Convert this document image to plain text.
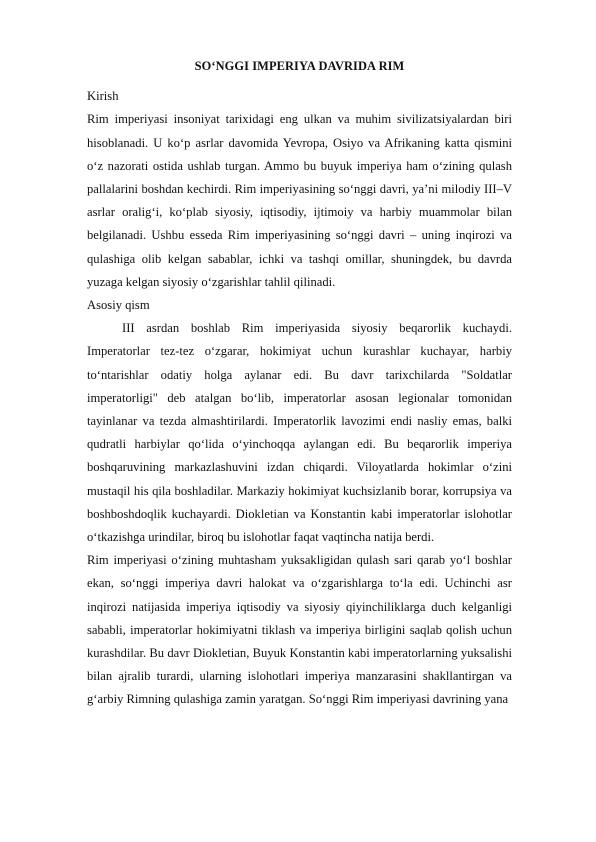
SO‘NGGI IMPERIYA DAVRIDA RIM
Kirish

Rim imperiyasi insoniyat tarixidagi eng ulkan va muhim sivilizatsiyalardan biri hisoblanadi. U ko‘p asrlar davomida Yevropa, Osiyo va Afrikaning katta qismini o‘z nazorati ostida ushlab turgan. Ammo bu buyuk imperiya ham o‘zining qulash pallalarini boshdan kechirdi. Rim imperiyasining so‘nggi davri, ya’ni milodiy III–V asrlar oralig‘i, ko‘plab siyosiy, iqtisodiy, ijtimoiy va harbiy muammolar bilan belgilanadi. Ushbu esseda Rim imperiyasining so‘nggi davri – uning inqirozi va qulashiga olib kelgan sabablar, ichki va tashqi omillar, shuningdek, bu davrda yuzaga kelgan siyosiy o‘zgarishlar tahlil qilinadi.

Asosiy qism

III asrdan boshlab Rim imperiyasida siyosiy beqarorlik kuchaydi. Imperatorlar tez-tez o‘zgarar, hokimiyat uchun kurashlar kuchayar, harbiy to‘ntarishlar odatiy holga aylanar edi. Bu davr tarixchilarda "Soldatlar imperatorligi" deb atalgan bo‘lib, imperatorlar asosan legionalar tomonidan tayinlanar va tezda almashtirilardi. Imperatorlik lavozimi endi nasliy emas, balki qudratli harbiylar qo‘lida o‘yinchoqqa aylangan edi. Bu beqarorlik imperiya boshqaruvining markazlashuvini izdan chiqardi. Viloyatlarda hokimlar o‘zini mustaqil his qila boshladilar. Markaziy hokimiyat kuchsizlanib borar, korrupsiya va boshboshdoqlik kuchayardi. Diokletian va Konstantin kabi imperatorlar islohotlar o‘tkazishga urindilar, biroq bu islohotlar faqat vaqtincha natija berdi.

Rim imperiyasi o‘zining muhtasham yuksakligidan qulash sari qarab yo‘l boshlar ekan, so‘nggi imperiya davri halokat va o‘zgarishlarga to‘la edi. Uchinchi asr inqirozi natijasida imperiya iqtisodiy va siyosiy qiyinchiliklarga duch kelganligi sababli, imperatorlar hokimiyatni tiklash va imperiya birligini saqlab qolish uchun kurashdilar. Bu davr Diokletian, Buyuk Konstantin kabi imperatorlarning yuksalishi bilan ajralib turardi, ularning islohotlari imperiya manzarasini shakllantirgan va g‘arbiy Rimning qulashiga zamin yaratgan. So‘nggi Rim imperiyasi davrining yana
